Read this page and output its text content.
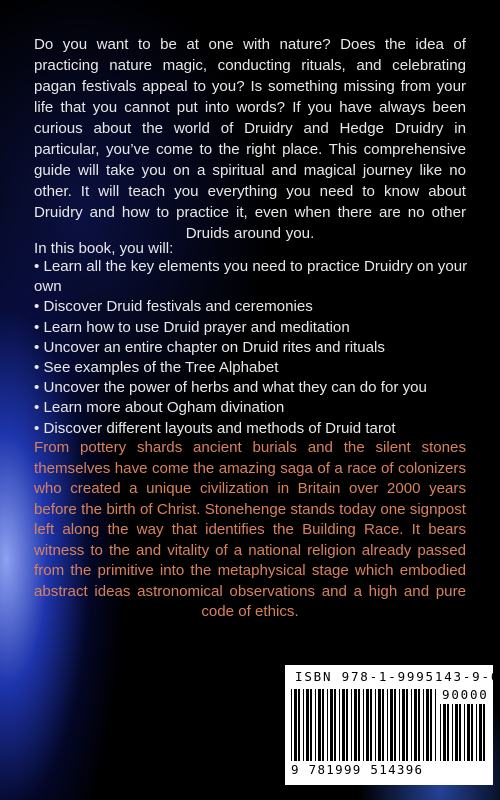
Do you want to be at one with nature? Does the idea of practicing nature magic, conducting rituals, and celebrating pagan festivals appeal to you? Is something missing from your life that you cannot put into words? If you have always been curious about the world of Druidry and Hedge Druidry in particular, you’ve come to the right place. This comprehensive guide will take you on a spiritual and magical journey like no other. It will teach you everything you need to know about Druidry and how to practice it, even when there are no other Druids around you.

In this book, you will:

• Learn all the key elements you need to practice Druidry on your own
• Discover Druid festivals and ceremonies
• Learn how to use Druid prayer and meditation
• Uncover an entire chapter on Druid rites and rituals
• See examples of the Tree Alphabet
• Uncover the power of herbs and what they can do for you
• Learn more about Ogham divination
• Discover different layouts and methods of Druid tarot

From pottery shards ancient burials and the silent stones themselves have come the amazing saga of a race of colonizers who created a unique civilization in Britain over 2000 years before the birth of Christ. Stonehenge stands today one signpost left along the way that identifies the Building Race. It bears witness to the and vitality of a national religion already passed from the primitive into the metaphysical stage which embodied abstract ideas astronomical observations and a high and pure code of ethics.

ISBN 978-1-9995143-9-6
90000
9 781999 514396
